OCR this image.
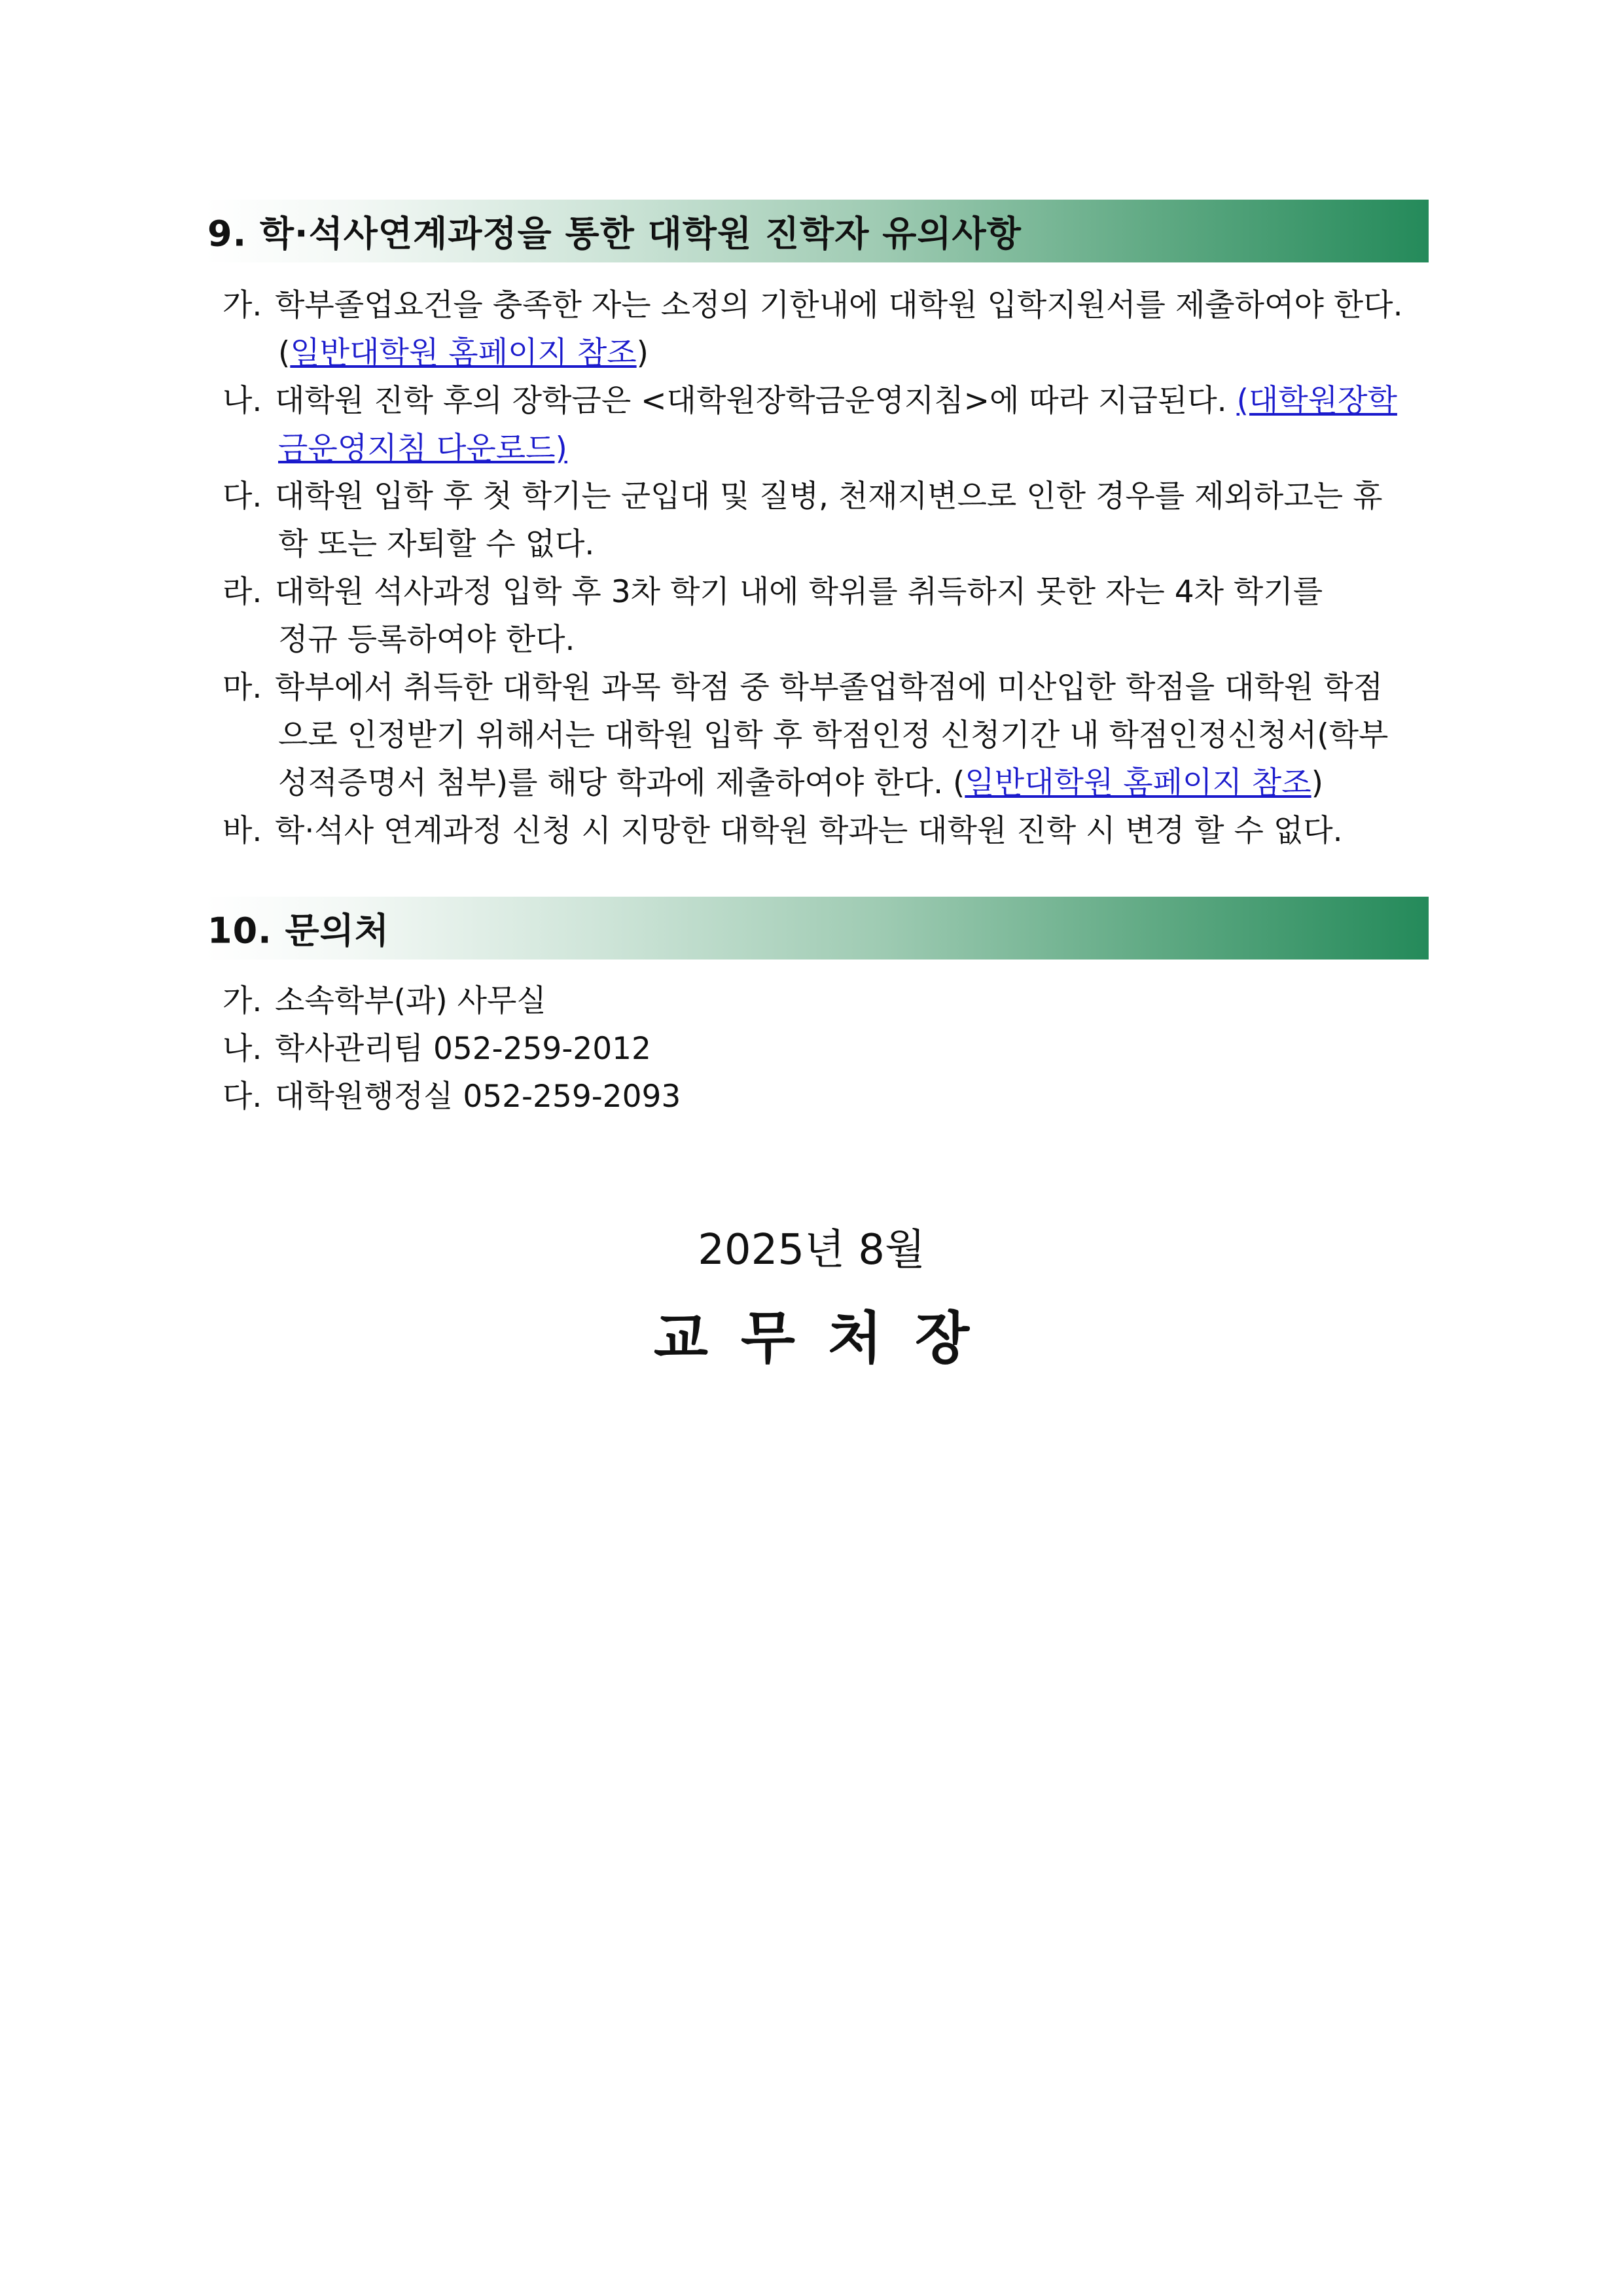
9. 학·석사연계과정을 통한 대학원 진학자 유의사항
가. 학부졸업요건을 충족한 자는 소정의 기한내에 대학원 입학지원서를 제출하여야 한다.
(일반대학원 홈페이지 참조)
나. 대학원 진학 후의 장학금은 <대학원장학금운영지침>에 따라 지급된다. (대학원장학
금운영지침 다운로드)
다. 대학원 입학 후 첫 학기는 군입대 및 질병, 천재지변으로 인한 경우를 제외하고는 휴
학 또는 자퇴할 수 없다.
라. 대학원 석사과정 입학 후 3차 학기 내에 학위를 취득하지 못한 자는 4차 학기를
정규 등록하여야 한다.
마. 학부에서 취득한 대학원 과목 학점 중 학부졸업학점에 미산입한 학점을 대학원 학점
으로 인정받기 위해서는 대학원 입학 후 학점인정 신청기간 내 학점인정신청서(학부
성적증명서 첨부)를 해당 학과에 제출하여야 한다. (일반대학원 홈페이지 참조)
바. 학·석사 연계과정 신청 시 지망한 대학원 학과는 대학원 진학 시 변경 할 수 없다.
10. 문의처
가. 소속학부(과) 사무실
나. 학사관리팀 052-259-2012
다. 대학원행정실 052-259-2093
2025년 8월
교무처장
